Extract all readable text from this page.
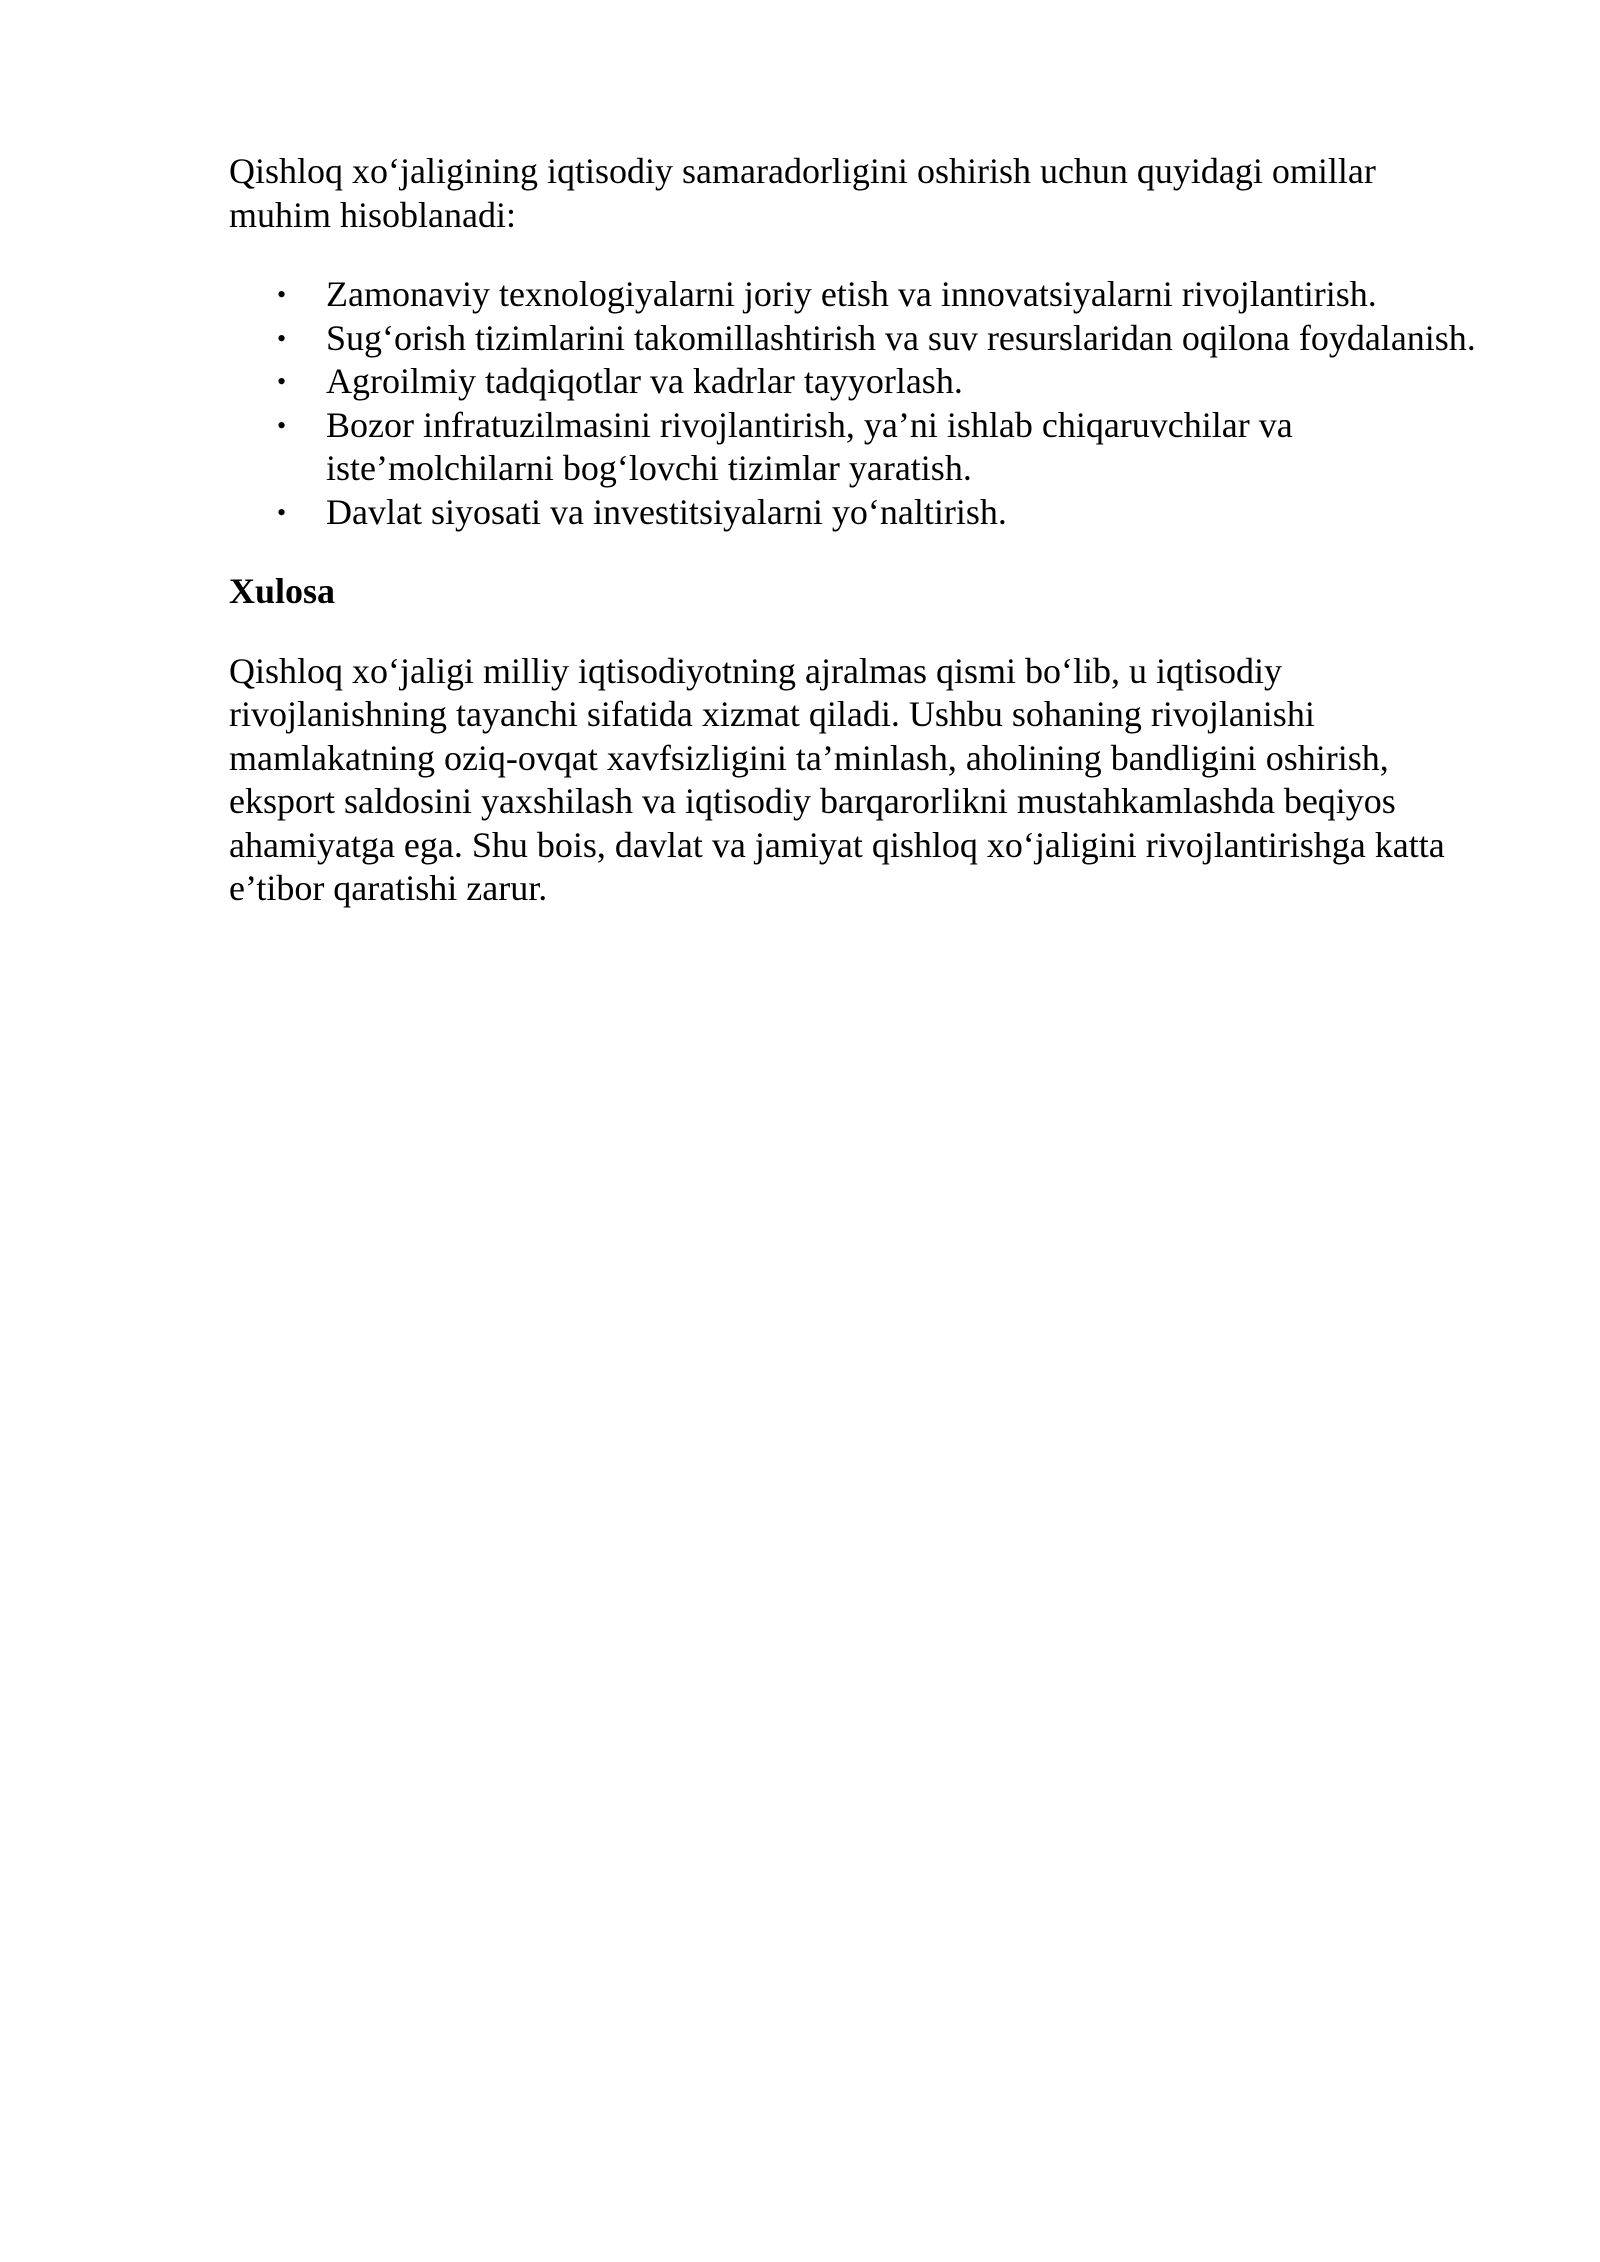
Qishloq xo‘jaligining iqtisodiy samaradorligini oshirish uchun quyidagi omillar muhim hisoblanadi:

• Zamonaviy texnologiyalarni joriy etish va innovatsiyalarni rivojlantirish.
• Sug‘orish tizimlarini takomillashtirish va suv resurslaridan oqilona foydalanish.
• Agroilmiy tadqiqotlar va kadrlar tayyorlash.
• Bozor infratuzilmasini rivojlantirish, ya’ni ishlab chiqaruvchilar va iste’molchilarni bog‘lovchi tizimlar yaratish.
• Davlat siyosati va investitsiyalarni yo‘naltirish.

Xulosa

Qishloq xo‘jaligi milliy iqtisodiyotning ajralmas qismi bo‘lib, u iqtisodiy rivojlanishning tayanchi sifatida xizmat qiladi. Ushbu sohaning rivojlanishi mamlakatning oziq-ovqat xavfsizligini ta’minlash, aholining bandligini oshirish, eksport saldosini yaxshilash va iqtisodiy barqarorlikni mustahkamlashda beqiyos ahamiyatga ega. Shu bois, davlat va jamiyat qishloq xo‘jaligini rivojlantirishga katta e’tibor qaratishi zarur.
